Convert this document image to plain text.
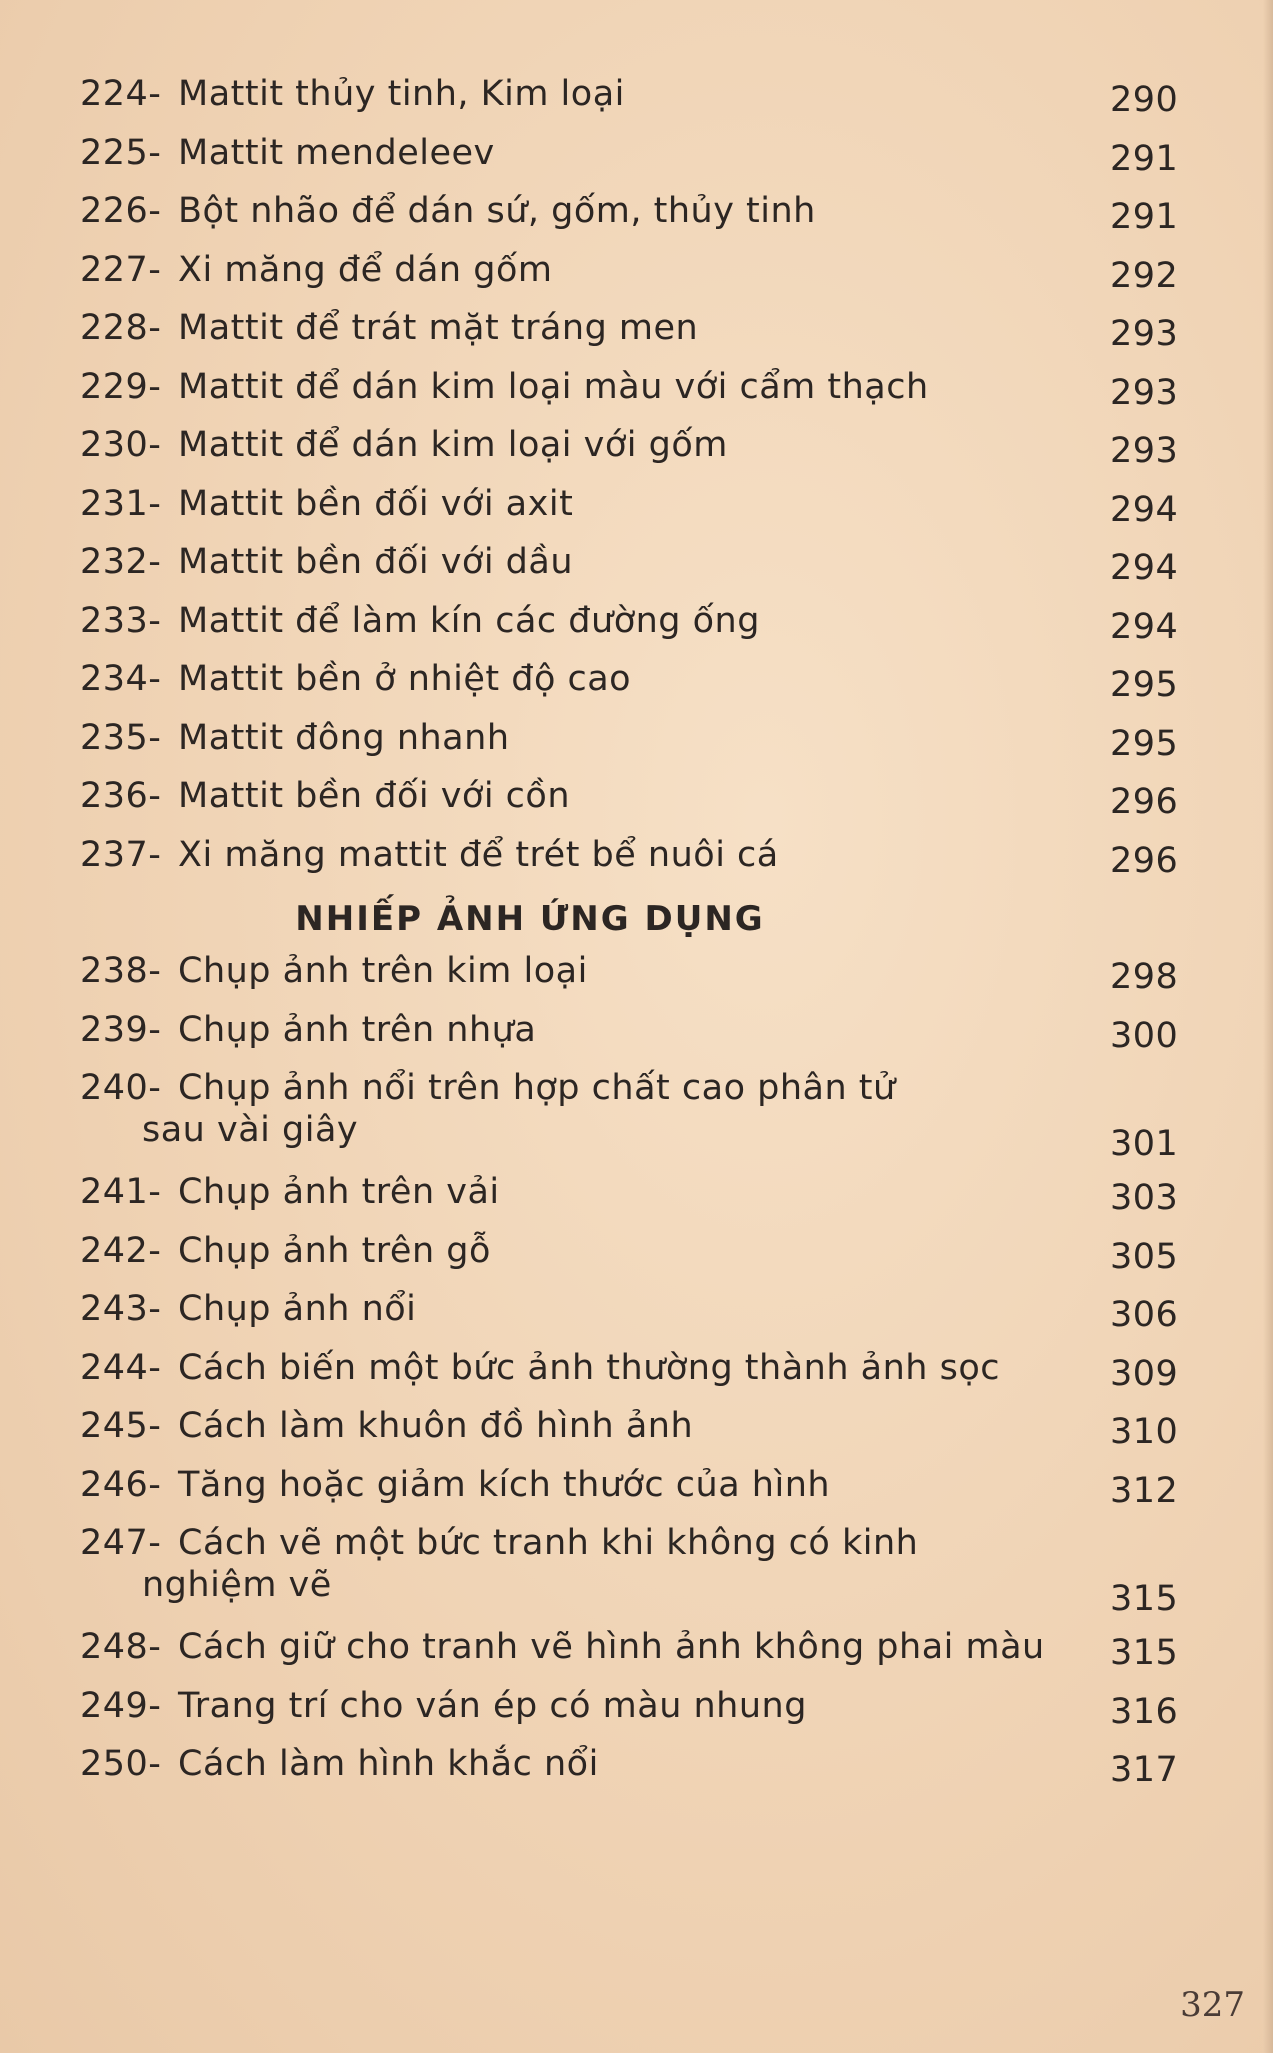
224- Mattit thủy tinh, Kim loại	290
225- Mattit mendeleev	291
226- Bột nhão để dán sứ, gốm, thủy tinh	291
227- Xi măng để dán gốm	292
228- Mattit để trát mặt tráng men	293
229- Mattit để dán kim loại màu với cẩm thạch	293
230- Mattit để dán kim loại với gốm	293
231- Mattit bền đối với axit	294
232- Mattit bền đối với dầu	294
233- Mattit để làm kín các đường ống	294
234- Mattit bền ở nhiệt độ cao	295
235- Mattit đông nhanh	295
236- Mattit bền đối với cồn	296
237- Xi măng mattit để trét bể nuôi cá	296
NHIẾP ẢNH ỨNG DỤNG
238- Chụp ảnh trên kim loại	298
239- Chụp ảnh trên nhựa	300
240- Chụp ảnh nổi trên hợp chất cao phân tử
sau vài giây	301
241- Chụp ảnh trên vải	303
242- Chụp ảnh trên gỗ	305
243- Chụp ảnh nổi	306
244- Cách biến một bức ảnh thường thành ảnh sọc	309
245- Cách làm khuôn đồ hình ảnh	310
246- Tăng hoặc giảm kích thước của hình	312
247- Cách vẽ một bức tranh khi không có kinh
nghiệm vẽ	315
248- Cách giữ cho tranh vẽ hình ảnh không phai màu 315
249- Trang trí cho ván ép có màu nhung	316
250- Cách làm hình khắc nổi	317
327
